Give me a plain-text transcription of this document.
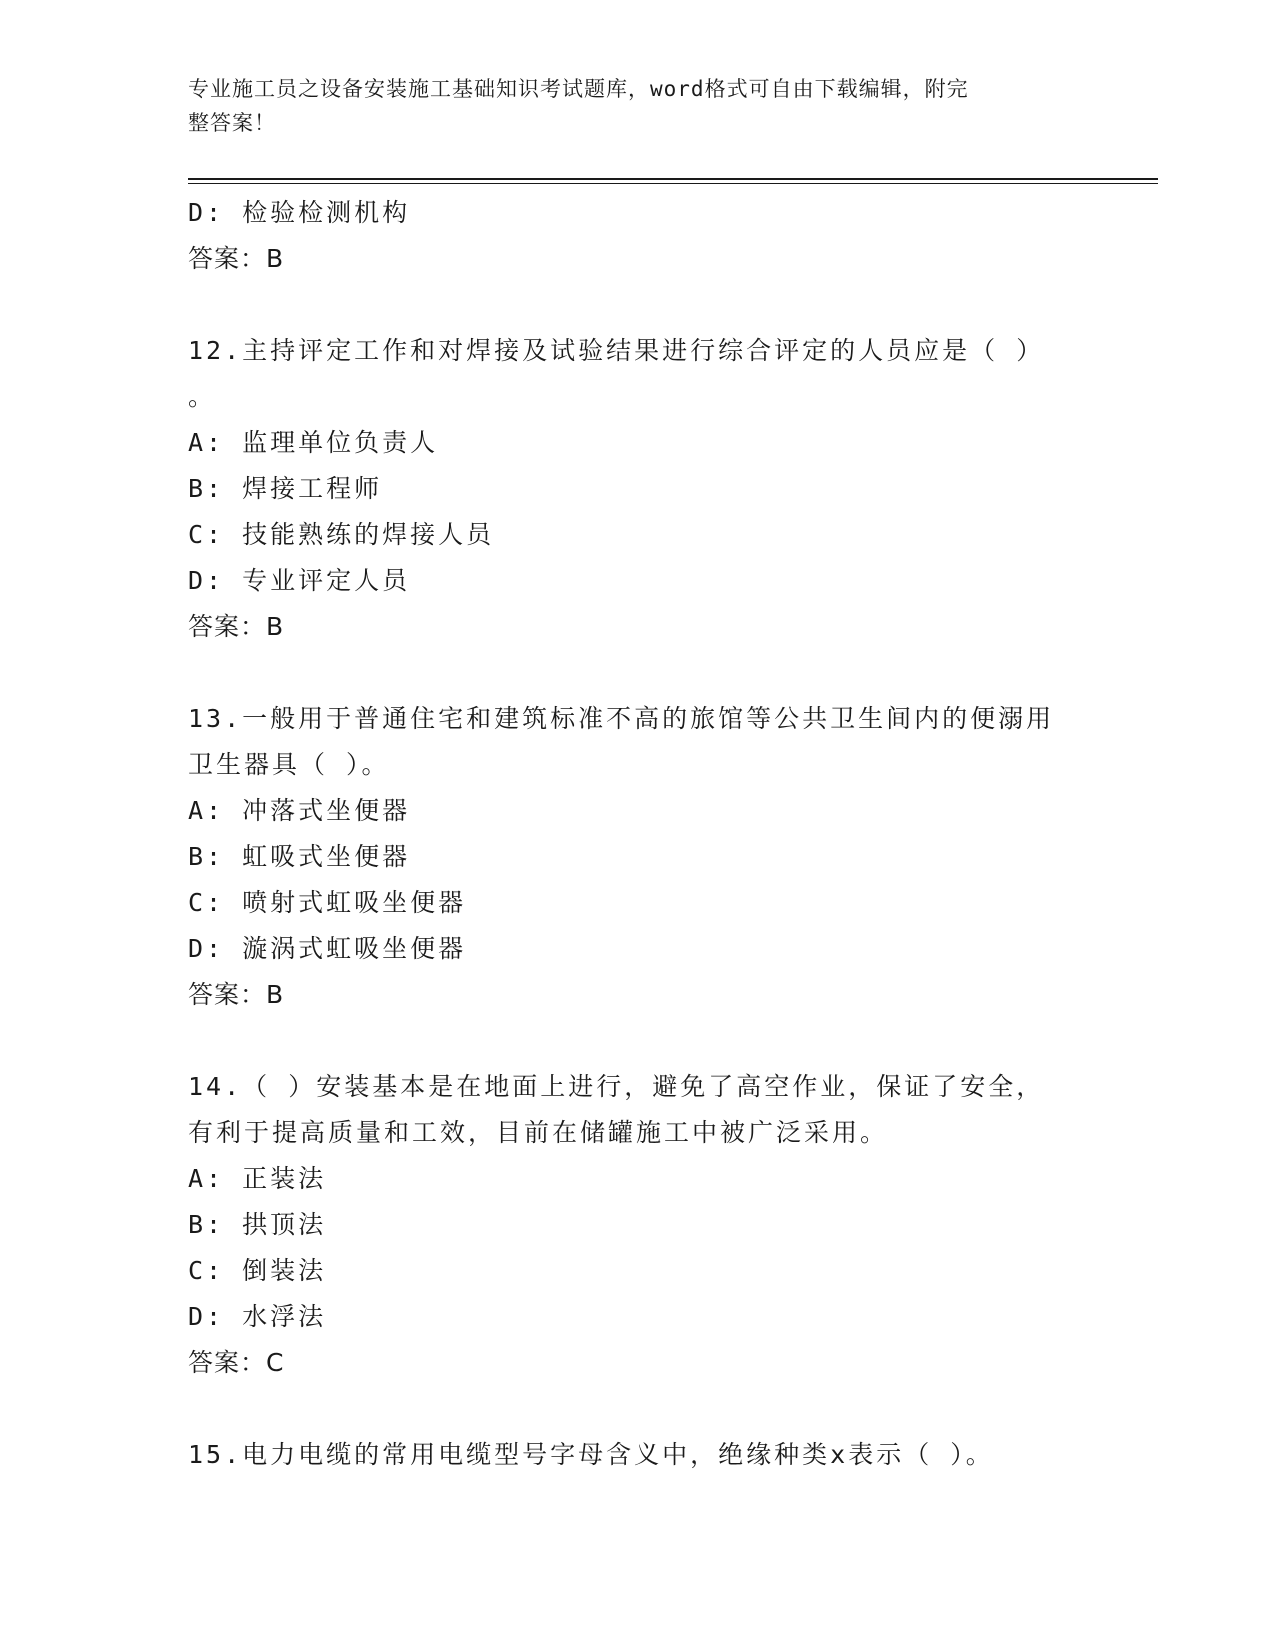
专业施工员之设备安装施工基础知识考试题库，word格式可自由下载编辑，附完
整答案！
D: 检验检测机构
答案：B
12.主持评定工作和对焊接及试验结果进行综合评定的人员应是（ ）
。
A: 监理单位负责人
B: 焊接工程师
C: 技能熟练的焊接人员
D: 专业评定人员
答案：B
13.一般用于普通住宅和建筑标准不高的旅馆等公共卫生间内的便溺用
卫生器具（ ）。
A: 冲落式坐便器
B: 虹吸式坐便器
C: 喷射式虹吸坐便器
D: 漩涡式虹吸坐便器
答案：B
14.（ ）安装基本是在地面上进行，避免了高空作业，保证了安全，
有利于提高质量和工效，目前在储罐施工中被广泛采用。
A: 正装法
B: 拱顶法
C: 倒装法
D: 水浮法
答案：C
15.电力电缆的常用电缆型号字母含义中，绝缘种类x表示（ ）。
